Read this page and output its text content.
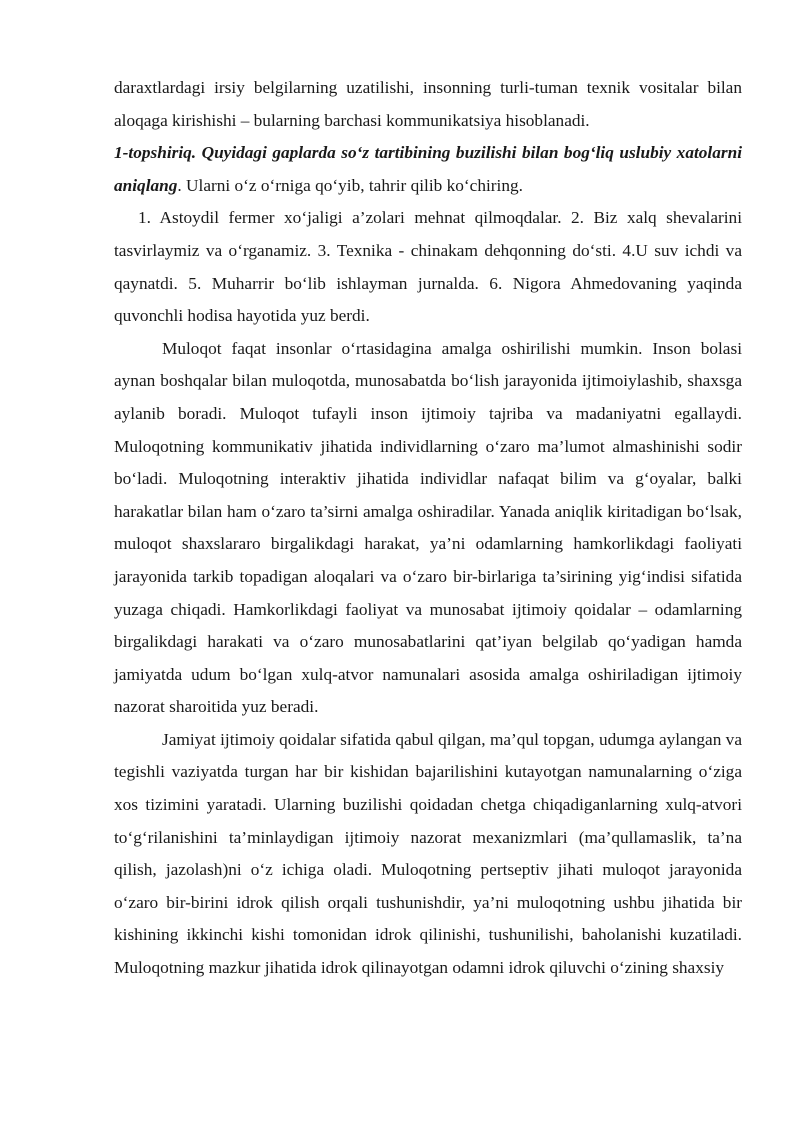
daraxtlardagi irsiy belgilarning uzatilishi, insonning turli-tuman texnik vositalar bilan aloqaga kirishishi – bularning barchasi kommunikatsiya hisoblanadi.

1-topshiriq. Quyidagi gaplarda so‘z tartibining buzilishi bilan bog‘liq uslubiy xatolarni aniqlang. Ularni o‘z o‘rniga qo‘yib, tahrir qilib ko‘chiring.

1. Astoydil fermer xo‘jaligi a’zolari mehnat qilmoqdalar. 2. Biz xalq shevalarini tasvirlaymiz va o‘rganamiz. 3. Texnika - chinakam dehqonning do‘sti. 4.U suv ichdi va qaynatdi. 5. Muharrir bo‘lib ishlayman jurnalda. 6. Nigora Ahmedovaning yaqinda quvonchli hodisa hayotida yuz berdi.

Muloqot faqat insonlar o‘rtasidagina amalga oshirilishi mumkin. Inson bolasi aynan boshqalar bilan muloqotda, munosabatda bo‘lish jarayonida ijtimoiylashib, shaxsga aylanib boradi. Muloqot tufayli inson ijtimoiy tajriba va madaniyatni egallaydi. Muloqotning kommunikativ jihatida individlarning o‘zaro ma’lumot almashinishi sodir bo‘ladi. Muloqotning interaktiv jihatida individlar nafaqat bilim va g‘oyalar, balki harakatlar bilan ham o‘zaro ta’sirni amalga oshiradilar. Yanada aniqlik kiritadigan bo‘lsak, muloqot shaxslararo birgalikdagi harakat, ya’ni odamlarning hamkorlikdagi faoliyati jarayonida tarkib topadigan aloqalari va o‘zaro bir-birlariga ta’sirining yig‘indisi sifatida yuzaga chiqadi. Hamkorlikdagi faoliyat va munosabat ijtimoiy qoidalar – odamlarning birgalikdagi harakati va o‘zaro munosabatlarini qat’iyan belgilab qo‘yadigan hamda jamiyatda udum bo‘lgan xulq-atvor namunalari asosida amalga oshiriladigan ijtimoiy nazorat sharoitida yuz beradi.

Jamiyat ijtimoiy qoidalar sifatida qabul qilgan, ma’qul topgan, udumga aylangan va tegishli vaziyatda turgan har bir kishidan bajarilishini kutayotgan namunalarning o‘ziga xos tizimini yaratadi. Ularning buzilishi qoidadan chetga chiqadiganlarning xulq-atvori to‘g‘rilanishini ta’minlaydigan ijtimoiy nazorat mexanizmlari (ma’qullamaslik, ta’na qilish, jazolash)ni o‘z ichiga oladi. Muloqotning pertseptiv jihati muloqot jarayonida o‘zaro bir-birini idrok qilish orqali tushunishdir, ya’ni muloqotning ushbu jihatida bir kishining ikkinchi kishi tomonidan idrok qilinishi, tushunilishi, baholanishi kuzatiladi. Muloqotning mazkur jihatida idrok qilinayotgan odamni idrok qiluvchi o‘zining shaxsiy
